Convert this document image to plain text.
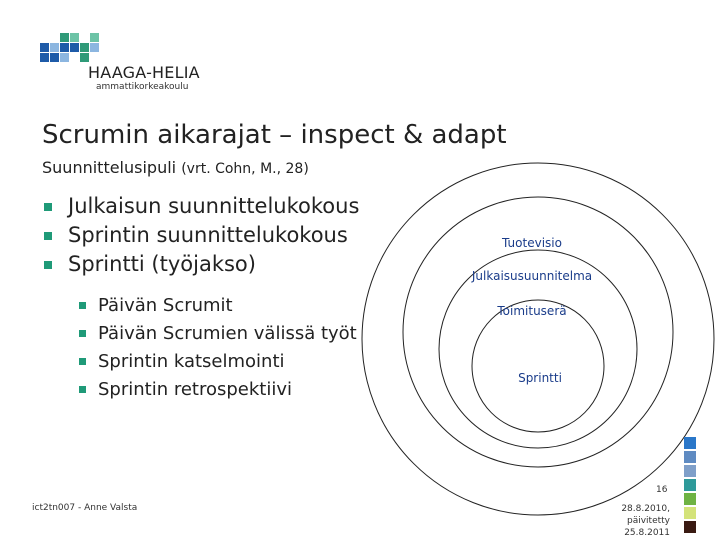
HAAGA-HELIA
ammattikorkeakoulu
Scrumin aikarajat – inspect & adapt
Suunnittelusipuli (vrt. Cohn, M., 28)
Julkaisun suunnittelukokous
Sprintin suunnittelukokous
Sprintti (työjakso)
Päivän Scrumit
Päivän Scrumien välissä työt
Sprintin katselmointi
Sprintin retrospektiivi
Tuotevisio
Julkaisusuunnitelma
Toimituserä
Sprintti
16
ict2tn007 - Anne Valsta	28.8.2010,
päivitetty
25.8.2011
